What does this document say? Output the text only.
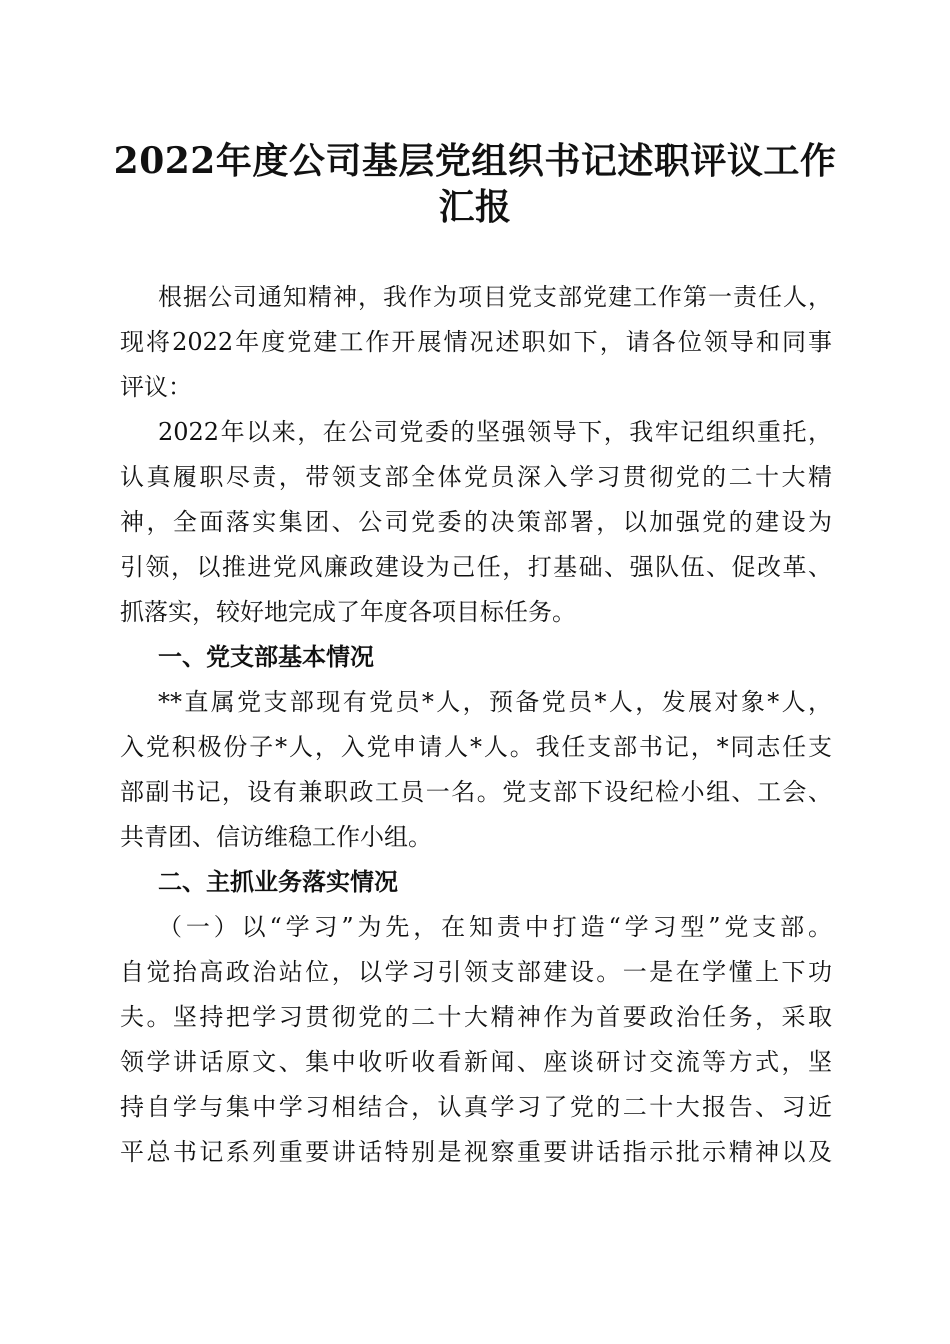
2022年度公司基层党组织书记述职评议工作
汇报

根据公司通知精神，我作为项目党支部党建工作第一责任人，

现将2022年度党建工作开展情况述职如下，请各位领导和同事

评议：

2022年以来，在公司党委的坚强领导下，我牢记组织重托，

认真履职尽责，带领支部全体党员深入学习贯彻党的二十大精

神，全面落实集团、公司党委的决策部署，以加强党的建设为

引领，以推进党风廉政建设为己任，打基础、强队伍、促改革、

抓落实，较好地完成了年度各项目标任务。

一、党支部基本情况

**直属党支部现有党员*人，预备党员*人，发展对象*人，

入党积极份子*人，入党申请人*人。我任支部书记，*同志任支

部副书记，设有兼职政工员一名。党支部下设纪检小组、工会、

共青团、信访维稳工作小组。

二、主抓业务落实情况

（一）以“学习”为先，在知责中打造“学习型”党支部。

自觉抬高政治站位，以学习引领支部建设。一是在学懂上下功

夫。坚持把学习贯彻党的二十大精神作为首要政治任务，采取

领学讲话原文、集中收听收看新闻、座谈研讨交流等方式，坚

持自学与集中学习相结合，认真学习了党的二十大报告、习近

平总书记系列重要讲话特别是视察重要讲话指示批示精神以及
